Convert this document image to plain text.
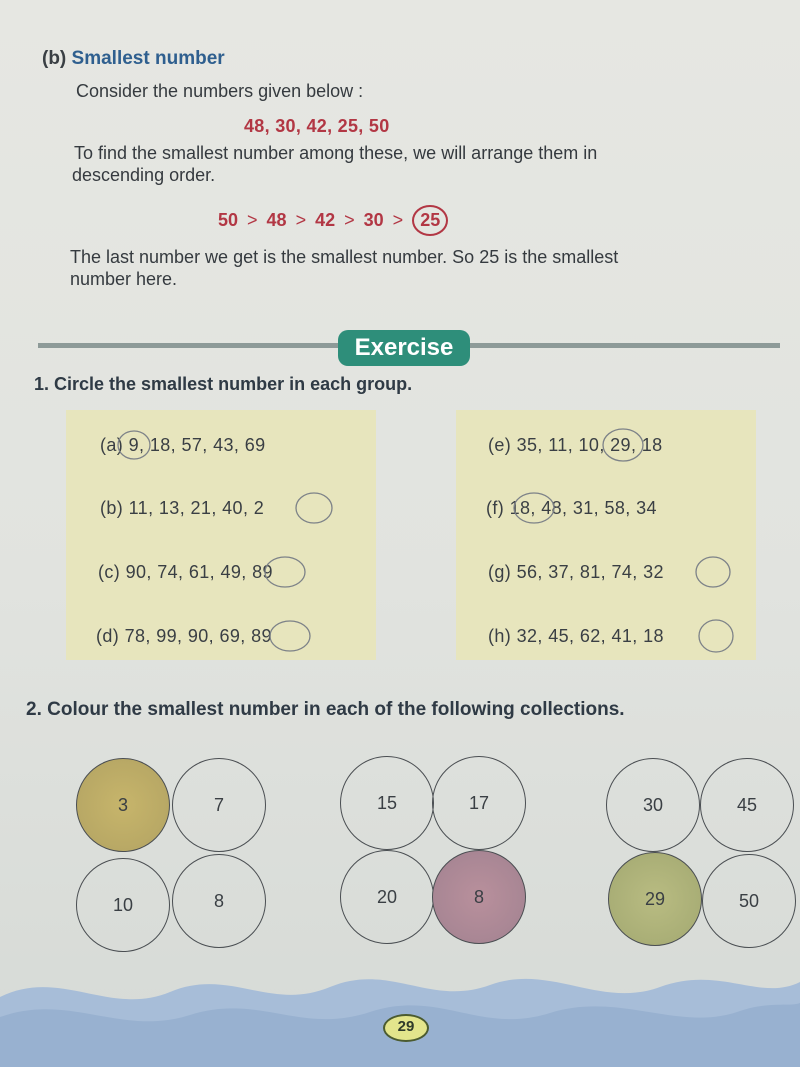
(b) Smallest number
Consider the numbers given below :
48, 30, 42, 25, 50
To find the smallest number among these, we will arrange them in
descending order.
50 > 48 > 42 > 30 > 25
The last number we get is the smallest number. So 25 is the smallest
number here.
Exercise
1. Circle the smallest number in each group.
(a) 9, 18, 57, 43, 69
(b) 11, 13, 21, 40, 2
(c) 90, 74, 61, 49, 89
(d) 78, 99, 90, 69, 89
(e) 35, 11, 10, 29, 18
(f) 18, 48, 31, 58, 34
(g) 56, 37, 81, 74, 32
(h) 32, 45, 62, 41, 18
2. Colour the smallest number in each of the following collections.
3	7
10	8
15	17
20	8
30	45
29	50
29
